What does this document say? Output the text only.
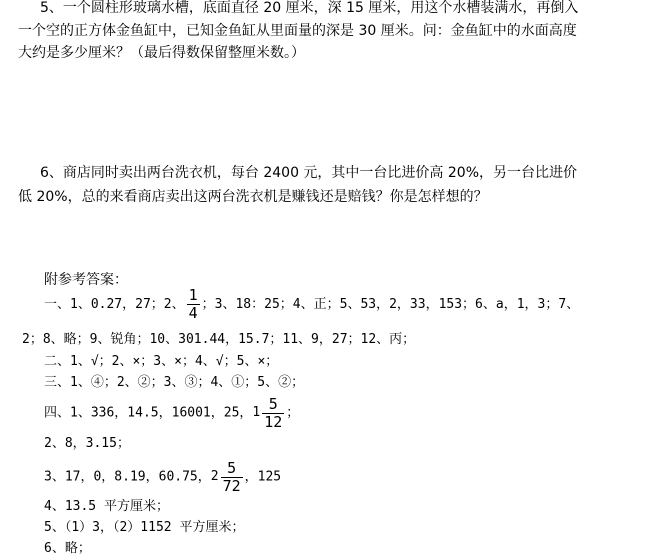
5、一个圆柱形玻璃水槽，底面直径 20 厘米，深 15 厘米，用这个水槽装满水，再倒入
一个空的正方体金鱼缸中，已知金鱼缸从里面量的深是 30 厘米。问：金鱼缸中的水面高度
大约是多少厘米？（最后得数保留整厘米数。）
6、商店同时卖出两台洗衣机，每台 2400 元，其中一台比进价高 20%，另一台比进价
低 20%，总的来看商店卖出这两台洗衣机是赚钱还是赔钱？你是怎样想的？
附参考答案：
一、1、0.27，27；2、 $\frac{1}{4}$ ；3、18：25；4、正；5、53，2，33，153；6、a，1，3；7、
2；8、略；9、锐角；10、301.44，15.7；11、9，27；12、丙；
二、1、√；2、×；3、×；4、√；5、×；
三、1、④；2、②；3、③；4、①；5、②；
四、1、336，14.5，16001，25，$1 \frac{5}{12}$ ；
2、8，3.15；
3、17，0，8.19，60.75，$2 \frac{5}{72}$ ，125
4、13.5 平方厘米；
5、（1）3，（2）1152 平方厘米；
6、略；
